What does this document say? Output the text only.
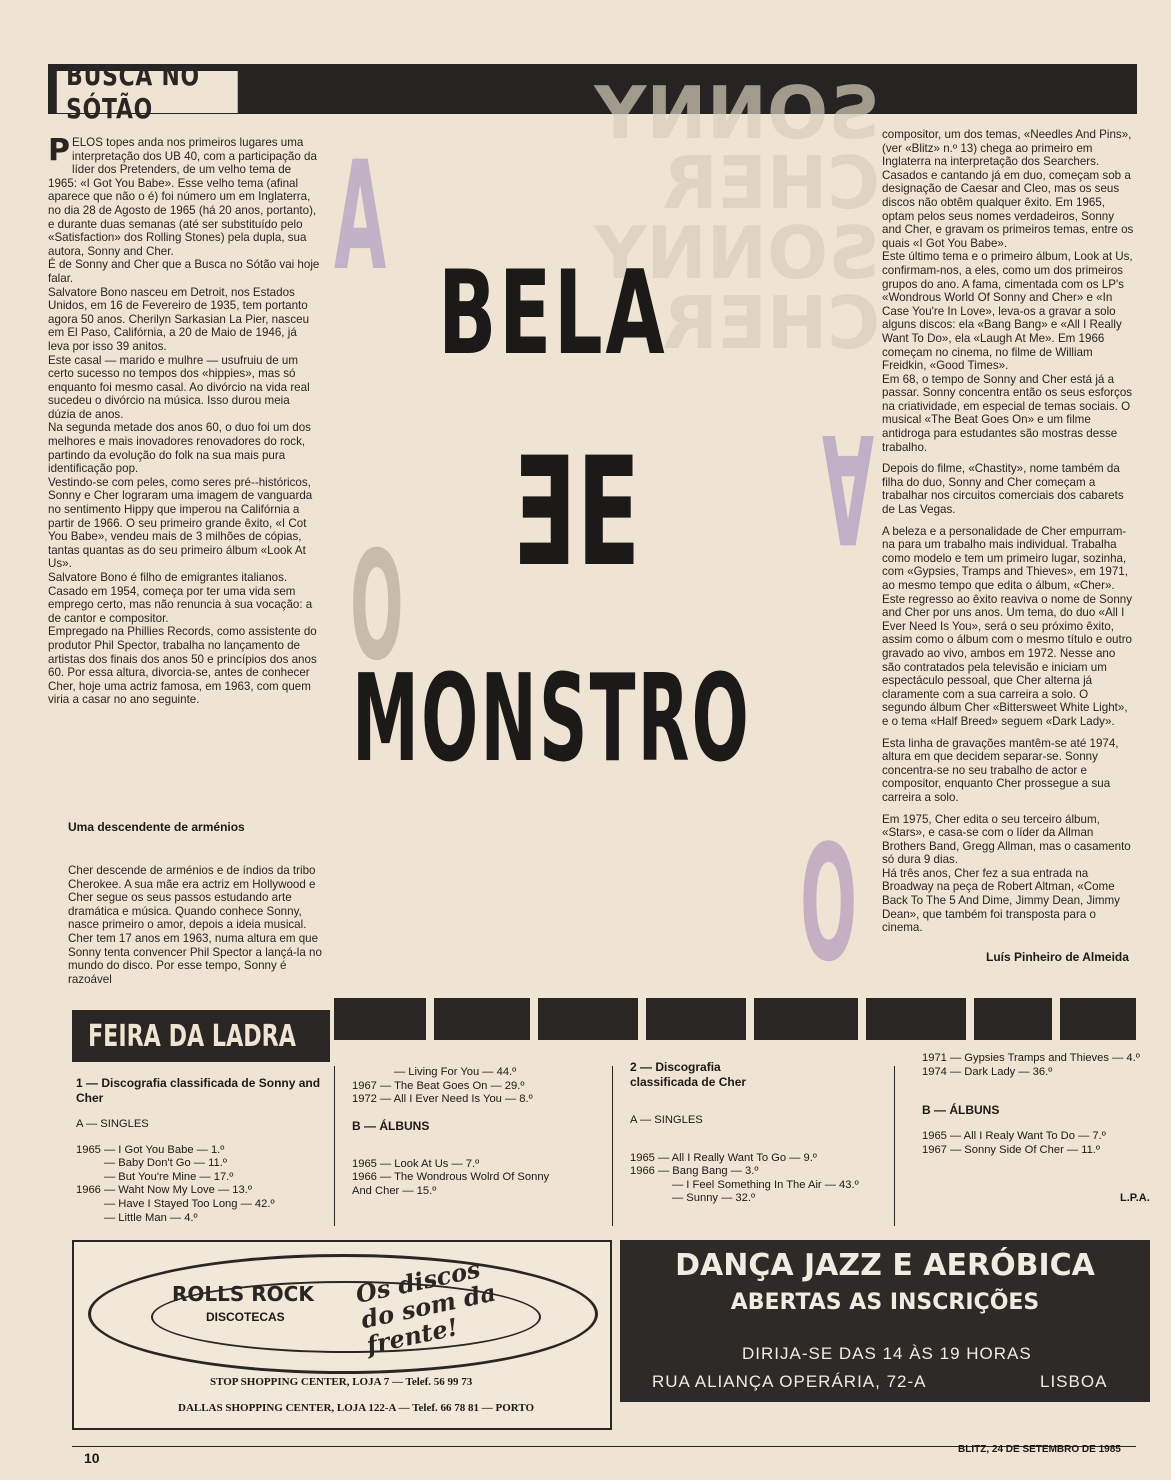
BUSCA NO SÓTÃO	SONNY CHER
SONNY CHER
A
O
A
O
BELA
EE
MONSTRO

PELOS topes anda nos primeiros lugares uma interpretação dos UB 40, com a participação da líder dos Pretenders, de um velho tema de 1965: «I Got You Babe». Esse velho tema (afinal aparece que não o é) foi número um em Inglaterra, no dia 28 de Agosto de 1965 (há 20 anos, portanto), e durante duas semanas (até ser substituído pelo «Satisfaction» dos Rolling Stones) pela dupla, sua autora, Sonny and Cher.

É de Sonny and Cher que a Busca no Sótão vai hoje falar.

Salvatore Bono nasceu em Detroit, nos Estados Unidos, em 16 de Fevereiro de 1935, tem portanto agora 50 anos. Cherilyn Sarkasian La Pier, nasceu em El Paso, Califórnia, a 20 de Maio de 1946, já leva por isso 39 anitos.

Este casal — marido e mulhre — usufruiu de um certo sucesso no tempos dos «hippies», mas só enquanto foi mesmo casal. Ao divórcio na vida real sucedeu o divórcio na música. Isso durou meia dúzia de anos.

Na segunda metade dos anos 60, o duo foi um dos melhores e mais inovadores renovadores do rock, partindo da evolução do folk na sua mais pura identificação pop.

Vestindo-se com peles, como seres pré--históricos, Sonny e Cher lograram uma imagem de vanguarda no sentimento Hippy que imperou na Califórnia a partir de 1966. O seu primeiro grande êxito, «I Cot You Babe», vendeu mais de 3 milhões de cópias, tantas quantas as do seu primeiro álbum «Look At Us».

Salvatore Bono é filho de emigrantes italianos. Casado em 1954, começa por ter uma vida sem emprego certo, mas não renuncia à sua vocação: a de cantor e compositor.

Empregado na Phillies Records, como assistente do produtor Phil Spector, trabalha no lançamento de artistas dos finais dos anos 50 e princípios dos anos 60. Por essa altura, divorcia-se, antes de conhecer Cher, hoje uma actriz famosa, em 1963, com quem viria a casar no ano seguinte.

Uma descendente de arménios
Cher descende de arménios e de índios da tribo Cherokee. A sua mãe era actriz em Hollywood e Cher segue os seus passos estudando arte dramática e música. Quando conhece Sonny, nasce primeiro o amor, depois a ideia musical. Cher tem 17 anos em 1963, numa altura em que Sonny tenta convencer Phil Spector a lançá-la no mundo do disco. Por esse tempo, Sonny é razoável

compositor, um dos temas, «Needles And Pins», (ver «Blitz» n.º 13) chega ao primeiro em Inglaterra na interpretação dos Searchers.

Casados e cantando já em duo, começam sob a designação de Caesar and Cleo, mas os seus discos não obtêm qualquer êxito. Em 1965, optam pelos seus nomes verdadeiros, Sonny and Cher, e gravam os primeiros temas, entre os quais «I Got You Babe».

Este último tema e o primeiro álbum, Look at Us, confirmam-nos, a eles, como um dos primeiros grupos do ano. A fama, cimentada com os LP's «Wondrous World Of Sonny and Cher» e «In Case You're In Love», leva-os a gravar a solo alguns discos: ela «Bang Bang» e «All I Really Want To Do», ela «Laugh At Me». Em 1966 começam no cinema, no filme de William Freidkin, «Good Times».

Em 68, o tempo de Sonny and Cher está já a passar. Sonny concentra então os seus esforços na criatividade, em especial de temas sociais. O musical «The Beat Goes On» e um filme antidroga para estudantes são mostras desse trabalho.

Depois do filme, «Chastity», nome também da filha do duo, Sonny and Cher começam a trabalhar nos circuitos comerciais dos cabarets de Las Vegas.

A beleza e a personalidade de Cher empurram-na para um trabalho mais individual. Trabalha como modelo e tem um primeiro lugar, sozinha, com «Gypsies, Tramps and Thieves», em 1971, ao mesmo tempo que edita o álbum, «Cher». Este regresso ao êxito reaviva o nome de Sonny and Cher por uns anos. Um tema, do duo «All I Ever Need Is You», será o seu próximo êxito, assim como o álbum com o mesmo título e outro gravado ao vivo, ambos em 1972. Nesse ano são contratados pela televisão e iniciam um espectáculo pessoal, que Cher alterna já claramente com a sua carreira a solo. O segundo álbum Cher «Bittersweet White Light», e o tema «Half Breed» seguem «Dark Lady».

Esta linha de gravações mantêm-se até 1974, altura em que decidem separar-se. Sonny concentra-se no seu trabalho de actor e compositor, enquanto Cher prossegue a sua carreira a solo.

Em 1975, Cher edita o seu terceiro álbum, «Stars», e casa-se com o líder da Allman Brothers Band, Gregg Allman, mas o casamento só dura 9 dias.

Há três anos, Cher fez a sua entrada na Broadway na peça de Robert Altman, «Come Back To The 5 And Dime, Jimmy Dean, Jimmy Dean», que também foi transposta para o cinema.

Luís Pinheiro de Almeida
FEIRA DA LADRA
1 — Discografia classificada de Sonny and Cher
A — SINGLES
1965 — I Got You Babe — 1.º
— Baby Don't Go — 11.º
— But You're Mine — 17.º
1966 — Waht Now My Love — 13.º
— Have I Stayed Too Long — 42.º
— Little Man — 4.º
— Living For You — 44.º
1967 — The Beat Goes On — 29.º
1972 — All I Ever Need Is You — 8.º
B — ÁLBUNS
1965 — Look At Us — 7.º
1966 — The Wondrous Wolrd Of Sonny
And Cher — 15.º
2 — Discografia classificada de Cher
A — SINGLES
1965 — All I Really Want To Go — 9.º
1966 — Bang Bang — 3.º
— I Feel Something In The Air — 43.º
— Sunny — 32.º
1971 — Gypsies Tramps and Thieves — 4.º
1974 — Dark Lady — 36.º
B — ÁLBUNS
1965 — All I Realy Want To Do — 7.º
1967 — Sonny Side Of Cher — 11.º
L.P.A.
ROLLS ROCK
DISCOTECAS
Os discos do som da frente!
STOP SHOPPING CENTER, LOJA 7 — Telef. 56 99 73
DALLAS SHOPPING CENTER, LOJA 122-A — Telef. 66 78 81 — PORTO
DANÇA JAZZ E AERÓBICA
ABERTAS AS INSCRIÇÕES
DIRIJA-SE DAS 14 ÀS 19 HORAS
RUA ALIANÇA OPERÁRIA, 72-A	LISBOA
10
BLITZ, 24 DE SETEMBRO DE 1985
